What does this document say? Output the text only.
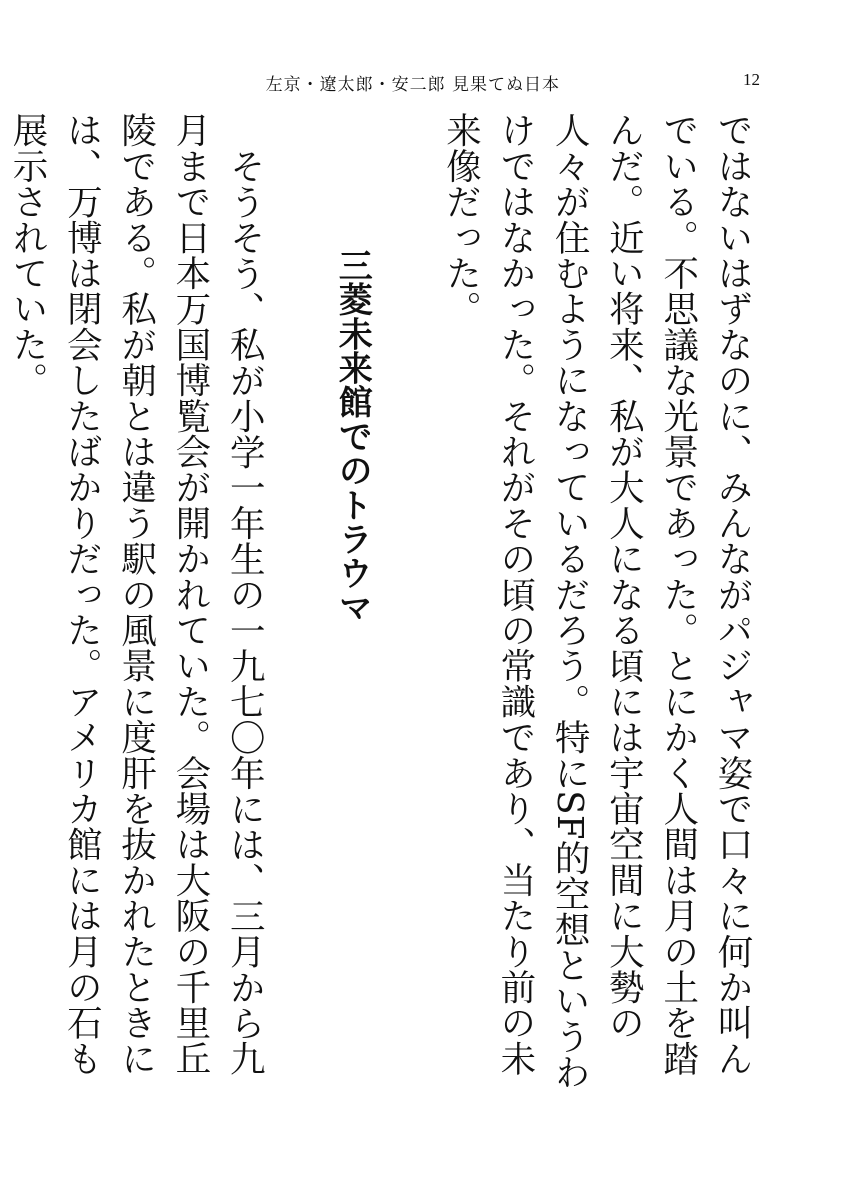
左京・遼太郎・安二郎 見果てぬ日本	12

ではないはずなのに、みんながパジャマ姿で口々に何か叫んでいる。不思議な光景であった。とにかく人間は月の土を踏んだ。近い将来、私が大人になる頃には宇宙空間に大勢の人々が住むようになっているだろう。特にSF的空想というわけではなかった。それがその頃の常識であり、当たり前の未来像だった。

三菱未来館でのトラウマ

そうそう、私が小学一年生の一九七〇年には、三月から九月まで日本万国博覧会が開かれていた。会場は大阪の千里丘陵である。私が朝とは違う駅の風景に度肝を抜かれたときには、万博は閉会したばかりだった。アメリカ館には月の石も展示されていた。
